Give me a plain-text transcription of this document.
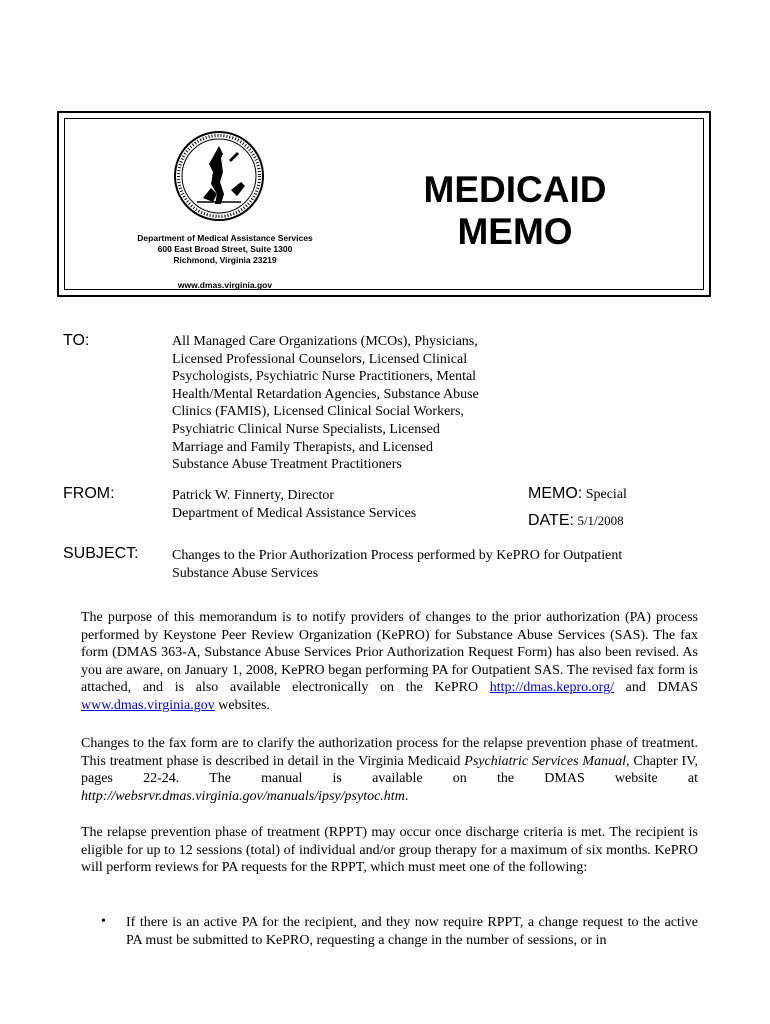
Department of Medical Assistance Services
600 East Broad Street, Suite 1300
Richmond, Virginia 23219
www.dmas.virginia.gov
MEDICAID
MEMO
TO:	All Managed Care Organizations (MCOs), Physicians,
Licensed Professional Counselors, Licensed Clinical
Psychologists, Psychiatric Nurse Practitioners, Mental
Health/Mental Retardation Agencies, Substance Abuse
Clinics (FAMIS), Licensed Clinical Social Workers,
Psychiatric Clinical Nurse Specialists, Licensed
Marriage and Family Therapists, and Licensed
Substance Abuse Treatment Practitioners
FROM:	Patrick W. Finnerty, Director
Department of Medical Assistance Services
MEMO: Special
DATE: 5/1/2008
SUBJECT: Changes to the Prior Authorization Process performed by KePRO for Outpatient
Substance Abuse Services
The purpose of this memorandum is to notify providers of changes to the prior authorization (PA) process performed by Keystone Peer Review Organization (KePRO) for Substance Abuse Services (SAS). The fax form (DMAS 363-A, Substance Abuse Services Prior Authorization Request Form) has also been revised. As you are aware, on January 1, 2008, KePRO began performing PA for Outpatient SAS. The revised fax form is attached, and is also available electronically on the KePRO http://dmas.kepro.org/ and DMAS www.dmas.virginia.gov websites.
Changes to the fax form are to clarify the authorization process for the relapse prevention phase of treatment. This treatment phase is described in detail in the Virginia Medicaid Psychiatric Services Manual, Chapter IV, pages 22-24. The manual is available on the DMAS website at http://websrvr.dmas.virginia.gov/manuals/ipsy/psytoc.htm.
The relapse prevention phase of treatment (RPPT) may occur once discharge criteria is met. The recipient is eligible for up to 12 sessions (total) of individual and/or group therapy for a maximum of six months. KePRO will perform reviews for PA requests for the RPPT, which must meet one of the following:
• If there is an active PA for the recipient, and they now require RPPT, a change request to the active PA must be submitted to KePRO, requesting a change in the number of sessions, or in
